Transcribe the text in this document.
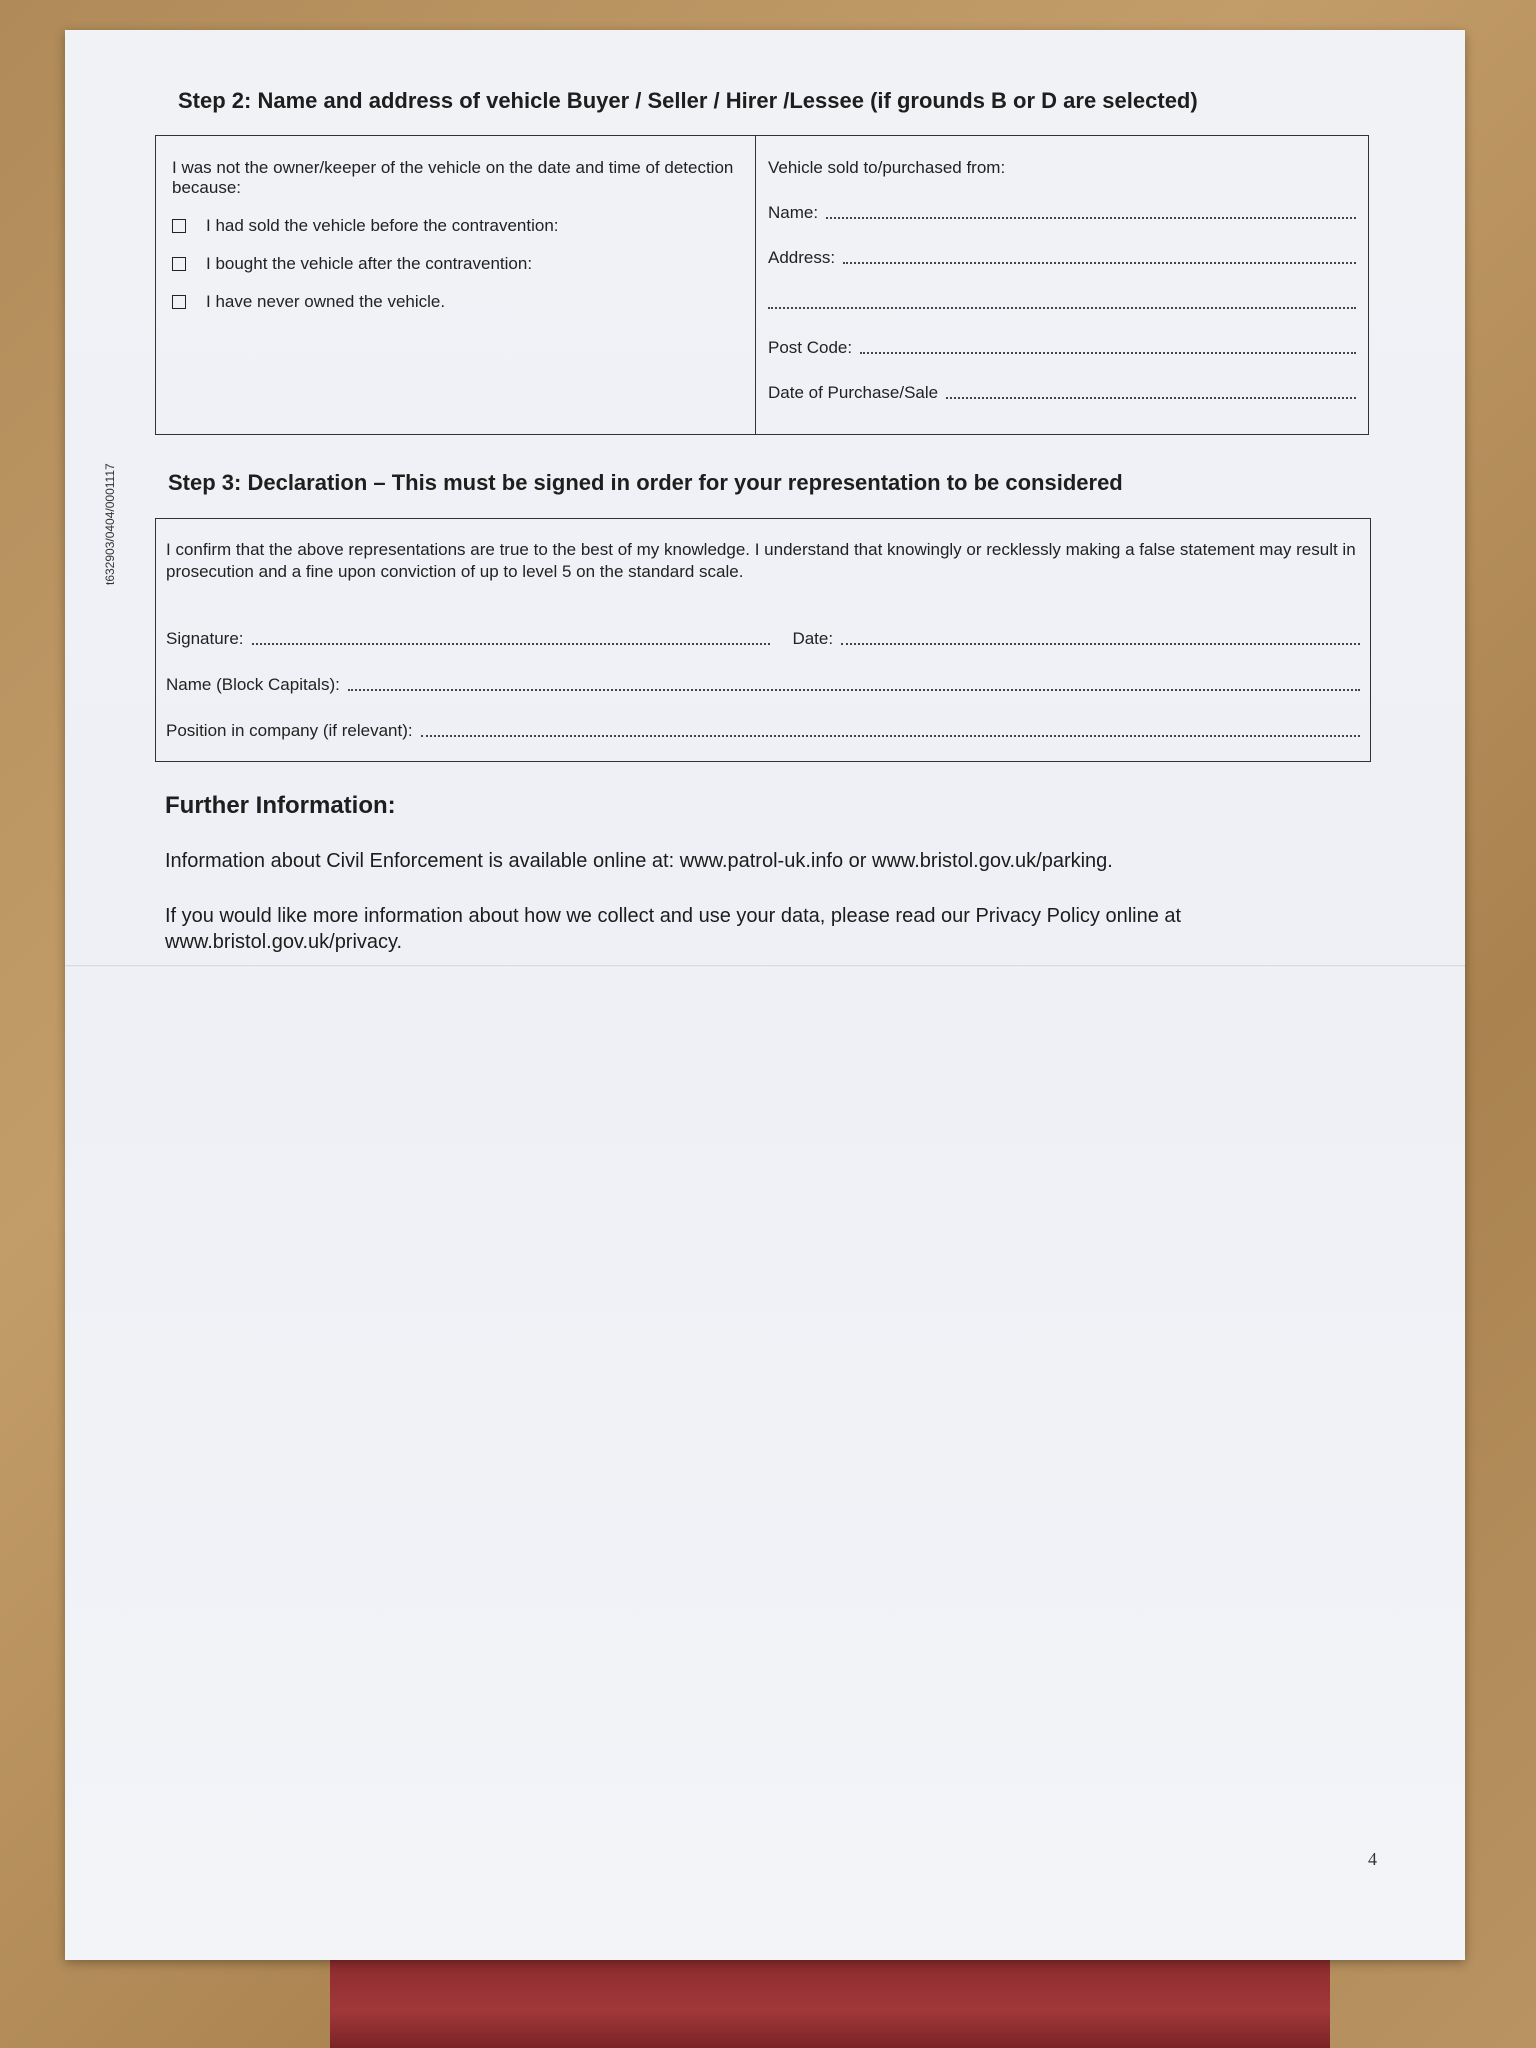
t632903/0404/0001117
Step 2: Name and address of vehicle Buyer / Seller / Hirer /Lessee (if grounds B or D are selected)
I was not the owner/keeper of the vehicle on the date and time of detection because:
I had sold the vehicle before the contravention:
I bought the vehicle after the contravention:
I have never owned the vehicle.
Vehicle sold to/purchased from:
Name:
Address:
Post Code:
Date of Purchase/Sale
Step 3: Declaration – This must be signed in order for your representation to be considered

I confirm that the above representations are true to the best of my knowledge. I understand that knowingly or recklessly making a false statement may result in prosecution and a fine upon conviction of up to level 5 on the standard scale.

Signature:	Date:
Name (Block Capitals):
Position in company (if relevant):
Further Information:
Information about Civil Enforcement is available online at: www.patrol-uk.info or www.bristol.gov.uk/parking.
If you would like more information about how we collect and use your data, please read our Privacy Policy online at www.bristol.gov.uk/privacy.
4
